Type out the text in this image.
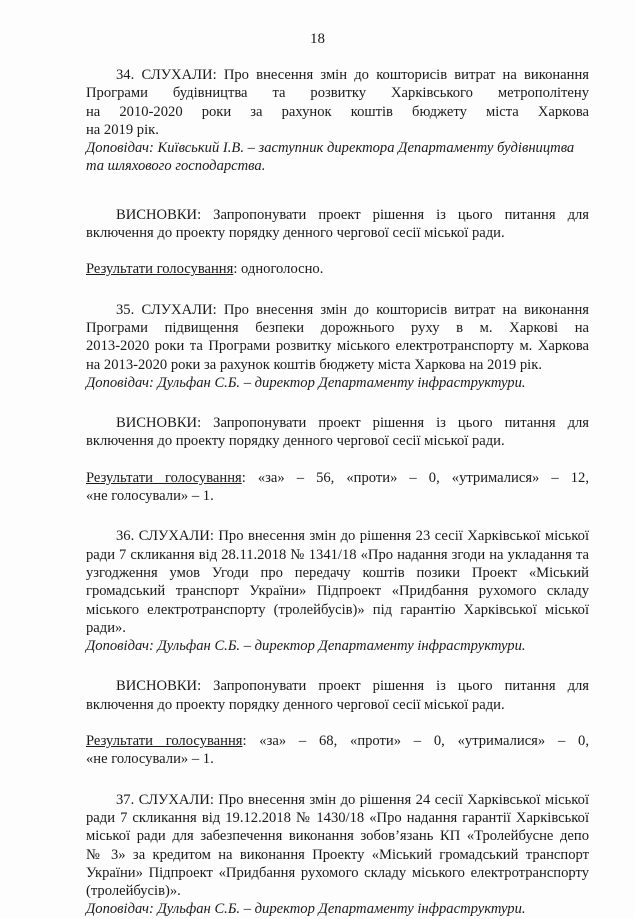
18

34. СЛУХАЛИ: Про внесення змін до кошторисів витрат на виконання

Програми будівництва та розвитку Харківського метрополітену

на 2010-2020 роки за рахунок коштів бюджету міста Харкова

на 2019 рік.

Доповідач: Київський І.В. – заступник директора Департаменту будівництва

та шляхового господарства.

ВИСНОВКИ: Запропонувати проект рішення із цього питання для

включення до проекту порядку денного чергової сесії міської ради.

Результати голосування: одноголосно.

35. СЛУХАЛИ: Про внесення змін до кошторисів витрат на виконання

Програми підвищення безпеки дорожнього руху в м. Харкові на

2013-2020 роки та Програми розвитку міського електротранспорту м. Харкова

на 2013-2020 роки за рахунок коштів бюджету міста Харкова на 2019 рік.

Доповідач: Дульфан С.Б. – директор Департаменту інфраструктури.

ВИСНОВКИ: Запропонувати проект рішення із цього питання для

включення до проекту порядку денного чергової сесії міської ради.

Результати голосування: «за» – 56, «проти» – 0, «утрималися» – 12,

«не голосували» – 1.

36. СЛУХАЛИ: Про внесення змін до рішення 23 сесії Харківської міської

ради 7 скликання від 28.11.2018 № 1341/18 «Про надання згоди на укладання та

узгодження умов Угоди про передачу коштів позики Проект «Міський

громадський транспорт України» Підпроект «Придбання рухомого складу

міського електротранспорту (тролейбусів)» під гарантію Харківської міської

ради».

Доповідач: Дульфан С.Б. – директор Департаменту інфраструктури.

ВИСНОВКИ: Запропонувати проект рішення із цього питання для

включення до проекту порядку денного чергової сесії міської ради.

Результати голосування: «за» – 68, «проти» – 0, «утрималися» – 0,

«не голосували» – 1.

37. СЛУХАЛИ: Про внесення змін до рішення 24 сесії Харківської міської

ради 7 скликання від 19.12.2018 № 1430/18 «Про надання гарантії Харківської

міської ради для забезпечення виконання зобов’язань КП «Тролейбусне депо

№ 3» за кредитом на виконання Проекту «Міський громадський транспорт

України» Підпроект «Придбання рухомого складу міського електротранспорту

(тролейбусів)».

Доповідач: Дульфан С.Б. – директор Департаменту інфраструктури.
